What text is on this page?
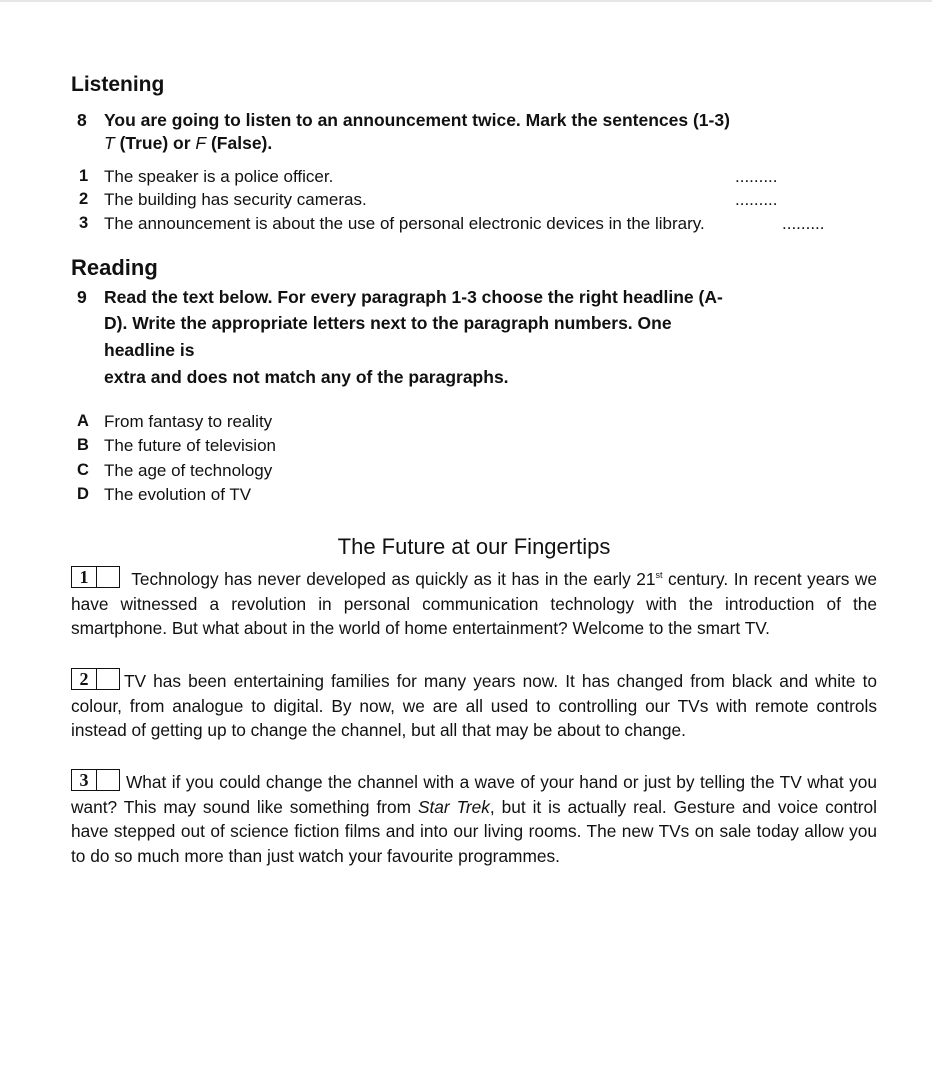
Listening
8 You are going to listen to an announcement twice. Mark the sentences (1-3)
T (True) or F (False).
1 The speaker is a police officer.	.........
2 The building has security cameras.	.........
3 The announcement is about the use of personal electronic devices in the library.	.........
Reading
9 Read the text below. For every paragraph 1-3 choose the right headline (A-
D). Write the appropriate letters next to the paragraph numbers. One
headline is
extra and does not match any of the paragraphs.
A From fantasy to reality
B The future of television
C The age of technology
D The evolution of TV
The Future at our Fingertips
1	Technology has never developed as quickly as it has in the early 21st century. In recent years we have witnessed a revolution in personal communication technology with the introduction of the smartphone. But what about in the world of home entertainment? Welcome to the smart TV.
2	TV has been entertaining families for many years now. It has changed from black and white to colour, from analogue to digital. By now, we are all used to controlling our TVs with remote controls instead of getting up to change the channel, but all that may be about to change.
3	What if you could change the channel with a wave of your hand or just by telling the TV what you want? This may sound like something from Star Trek, but it is actually real. Gesture and voice control have stepped out of science fiction films and into our living rooms. The new TVs on sale today allow you to do so much more than just watch your favourite programmes.
